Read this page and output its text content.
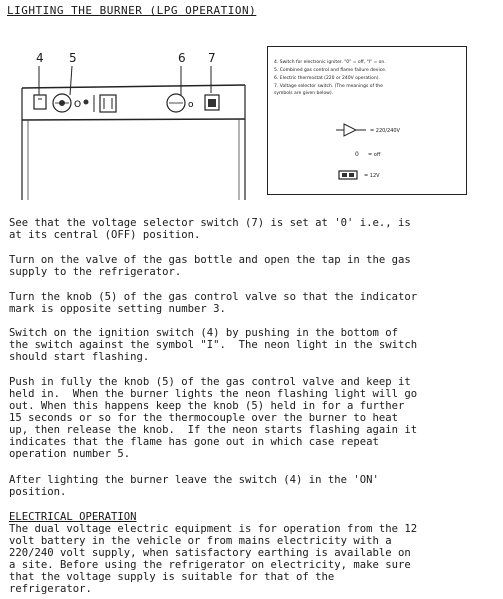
LIGHTING THE BURNER (LPG OPERATION)
4 5	6 7
O	o
4. Switch for electronic igniter. "0" = off, "I" = on.
5. Combined gas control and flame failure device.
6. Electric thermostat (220 or 240V operation).
7. Voltage selector switch. (The meanings of the
symbols are given below).
= 220/240V
0 = off
= 12V
See that the voltage selector switch (7) is set at '0' i.e., is
at its central (OFF) position.
Turn on the valve of the gas bottle and open the tap in the gas
supply to the refrigerator.
Turn the knob (5) of the gas control valve so that the indicator
mark is opposite setting number 3.
Switch on the ignition switch (4) by pushing in the bottom of
the switch against the symbol "I".  The neon light in the switch
should start flashing.
Push in fully the knob (5) of the gas control valve and keep it
held in.  When the burner lights the neon flashing light will go
out. When this happens keep the knob (5) held in for a further
15 seconds or so for the thermocouple over the burner to heat
up, then release the knob.  If the neon starts flashing again it
indicates that the flame has gone out in which case repeat
operation number 5.
After lighting the burner leave the switch (4) in the 'ON'
position.
ELECTRICAL OPERATION
The dual voltage electric equipment is for operation from the 12
volt battery in the vehicle or from mains electricity with a
220/240 volt supply, when satisfactory earthing is available on
a site. Before using the refrigerator on electricity, make sure
that the voltage supply is suitable for that of the
refrigerator.
